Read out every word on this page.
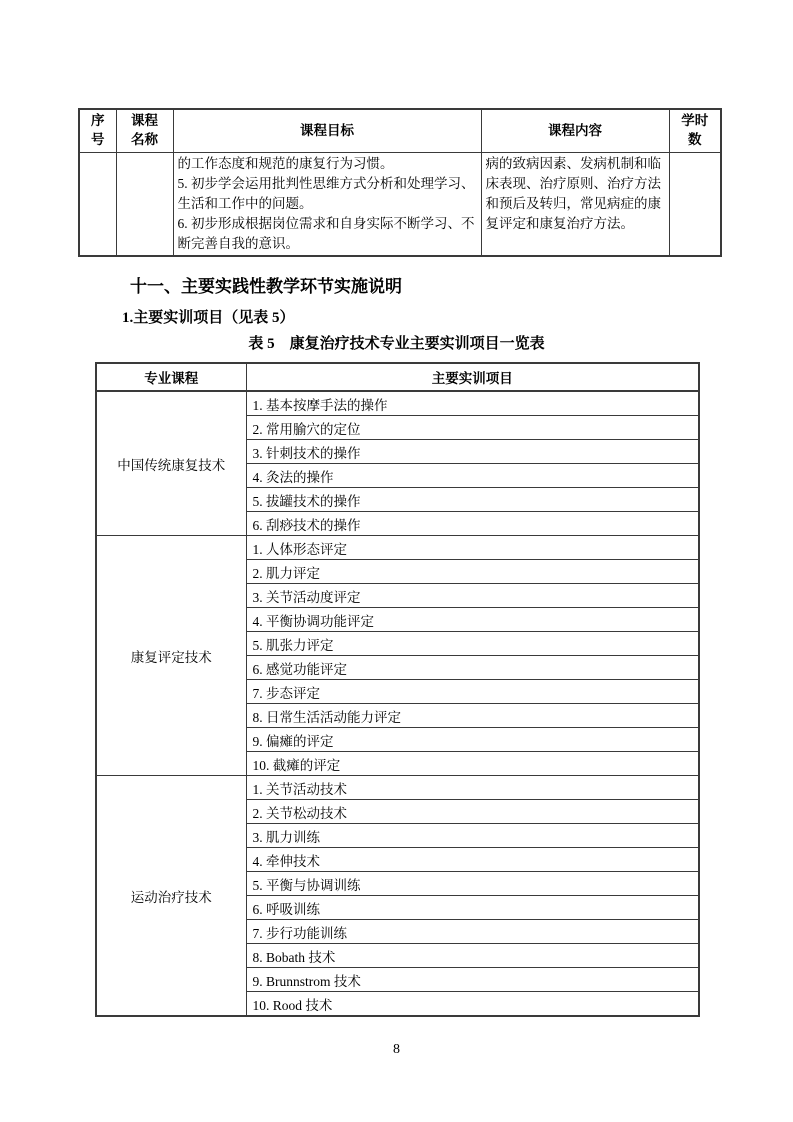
序号	课程名称	课程目标	课程内容	学时数

		的工作态度和规范的康复行为习惯。

5. 初步学会运用批判性思维方式分析和处理学习、生活和工作中的问题。

6. 初步形成根据岗位需求和自身实际不断学习、不断完善自我的意识。	病的致病因素、发病机制和临床表现、治疗原则、治疗方法和预后及转归，常见病症的康复评定和康复治疗方法。	

十一、主要实践性教学环节实施说明
1.主要实训项目（见表 5）
表 5　康复治疗技术专业主要实训项目一览表
专业课程	主要实训项目
中国传统康复技术	1. 基本按摩手法的操作
	2. 常用腧穴的定位
	3. 针刺技术的操作
	4. 灸法的操作
	5. 拔罐技术的操作
	6. 刮痧技术的操作
康复评定技术	1. 人体形态评定
	2. 肌力评定
	3. 关节活动度评定
	4. 平衡协调功能评定
	5. 肌张力评定
	6. 感觉功能评定
	7. 步态评定
	8. 日常生活活动能力评定
	9. 偏瘫的评定
	10. 截瘫的评定
运动治疗技术	1. 关节活动技术
	2. 关节松动技术
	3. 肌力训练
	4. 牵伸技术
	5. 平衡与协调训练
	6. 呼吸训练
	7. 步行功能训练
	8. Bobath 技术
	9. Brunnstrom 技术
	10. Rood 技术
8
